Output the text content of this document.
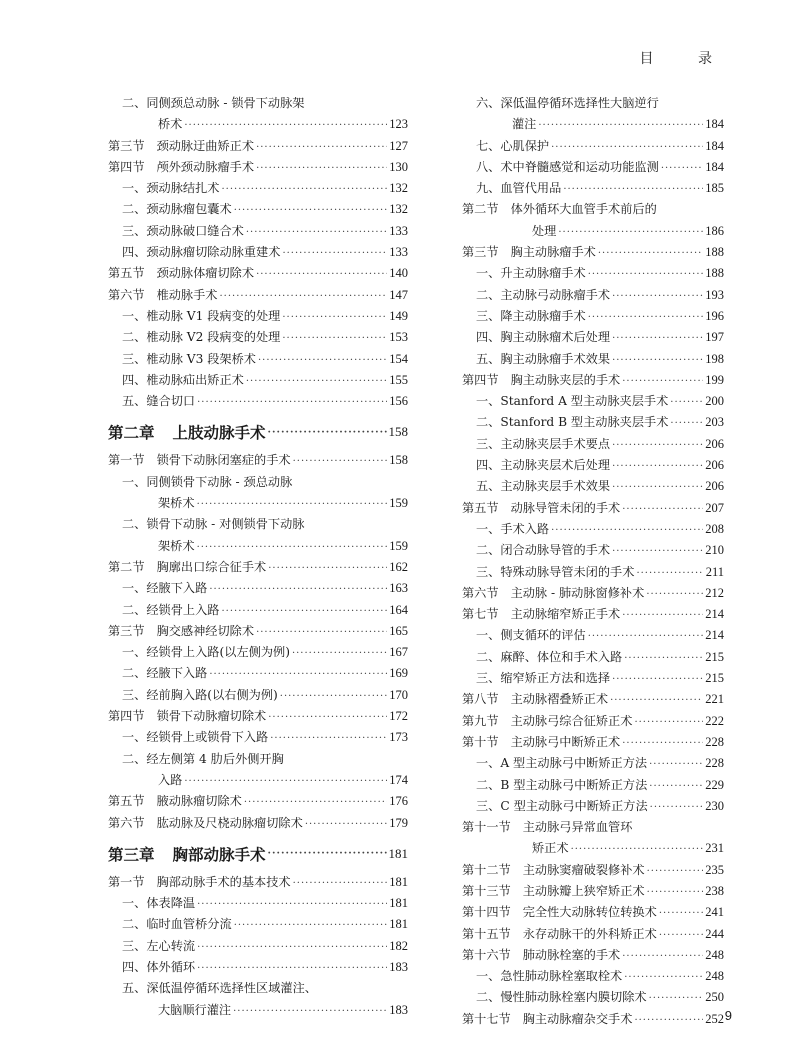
目 录
二、同侧颈总动脉 - 锁骨下动脉架
桥术 ·····	123
第三节 颈动脉迂曲矫正术 ·····	127
第四节 颅外颈动脉瘤手术 ·····	130
一、颈动脉结扎术 ·····	132
二、颈动脉瘤包囊术 ·····	132
三、颈动脉破口缝合术 ·····	133
四、颈动脉瘤切除动脉重建术 ·····	133
第五节 颈动脉体瘤切除术 ·····	140
第六节 椎动脉手术 ·····	147
一、椎动脉 V1 段病变的处理 ·····	149
二、椎动脉 V2 段病变的处理 ·····	153
三、椎动脉 V3 段架桥术 ·····	154
四、椎动脉疝出矫正术 ·····	155
五、缝合切口 ·····	156
第二章 上肢动脉手术 ·····	158
第一节 锁骨下动脉闭塞症的手术 ·····	158
一、同侧锁骨下动脉 - 颈总动脉
架桥术 ·····	159
二、锁骨下动脉 - 对侧锁骨下动脉
架桥术 ·····	159
第二节 胸廓出口综合征手术 ·····	162
一、经腋下入路 ·····	163
二、经锁骨上入路 ·····	164
第三节 胸交感神经切除术 ·····	165
一、经锁骨上入路(以左侧为例) ·····	167
二、经腋下入路 ·····	169
三、经前胸入路(以右侧为例) ·····	170
第四节 锁骨下动脉瘤切除术 ·····	172
一、经锁骨上或锁骨下入路 ·····	173
二、经左侧第 4 肋后外侧开胸
入路 ·····	174
第五节 腋动脉瘤切除术 ·····	176
第六节 肱动脉及尺桡动脉瘤切除术 ·····	179
第三章 胸部动脉手术 ·····	181
第一节 胸部动脉手术的基本技术 ·····	181
一、体表降温 ·····	181
二、临时血管桥分流 ·····	181
三、左心转流 ·····	182
四、体外循环 ·····	183
五、深低温停循环选择性区域灌注、
大脑顺行灌注 ·····	183
六、深低温停循环选择性大脑逆行
灌注 ·····	184
七、心肌保护 ·····	184
八、术中脊髓感觉和运动功能监测 ·····	184
九、血管代用品 ·····	185
第二节 体外循环大血管手术前后的
处理 ·····	186
第三节 胸主动脉瘤手术 ·····	188
一、升主动脉瘤手术 ·····	188
二、主动脉弓动脉瘤手术 ·····	193
三、降主动脉瘤手术 ·····	196
四、胸主动脉瘤术后处理 ·····	197
五、胸主动脉瘤手术效果 ·····	198
第四节 胸主动脉夹层的手术 ·····	199
一、Stanford A 型主动脉夹层手术 ·····	200
二、Stanford B 型主动脉夹层手术 ·····	203
三、主动脉夹层手术要点 ·····	206
四、主动脉夹层术后处理 ·····	206
五、主动脉夹层手术效果 ·····	206
第五节 动脉导管未闭的手术 ·····	207
一、手术入路 ·····	208
二、闭合动脉导管的手术 ·····	210
三、特殊动脉导管未闭的手术 ·····	211
第六节 主动脉 - 肺动脉窗修补术 ·····	212
第七节 主动脉缩窄矫正手术 ·····	214
一、侧支循环的评估 ·····	214
二、麻醉、体位和手术入路 ·····	215
三、缩窄矫正方法和选择 ·····	215
第八节 主动脉褶叠矫正术 ·····	221
第九节 主动脉弓综合征矫正术 ·····	222
第十节 主动脉弓中断矫正术 ·····	228
一、A 型主动脉弓中断矫正方法 ·····	228
二、B 型主动脉弓中断矫正方法 ·····	229
三、C 型主动脉弓中断矫正方法 ·····	230
第十一节 主动脉弓异常血管环
矫正术 ·····	231
第十二节 主动脉窦瘤破裂修补术 ·····	235
第十三节 主动脉瓣上狭窄矫正术 ·····	238
第十四节 完全性大动脉转位转换术 ·····	241
第十五节 永存动脉干的外科矫正术 ·····	244
第十六节 肺动脉栓塞的手术 ·····	248
一、急性肺动脉栓塞取栓术 ·····	248
二、慢性肺动脉栓塞内膜切除术 ·····	250
第十七节 胸主动脉瘤杂交手术 ·····	252 9
